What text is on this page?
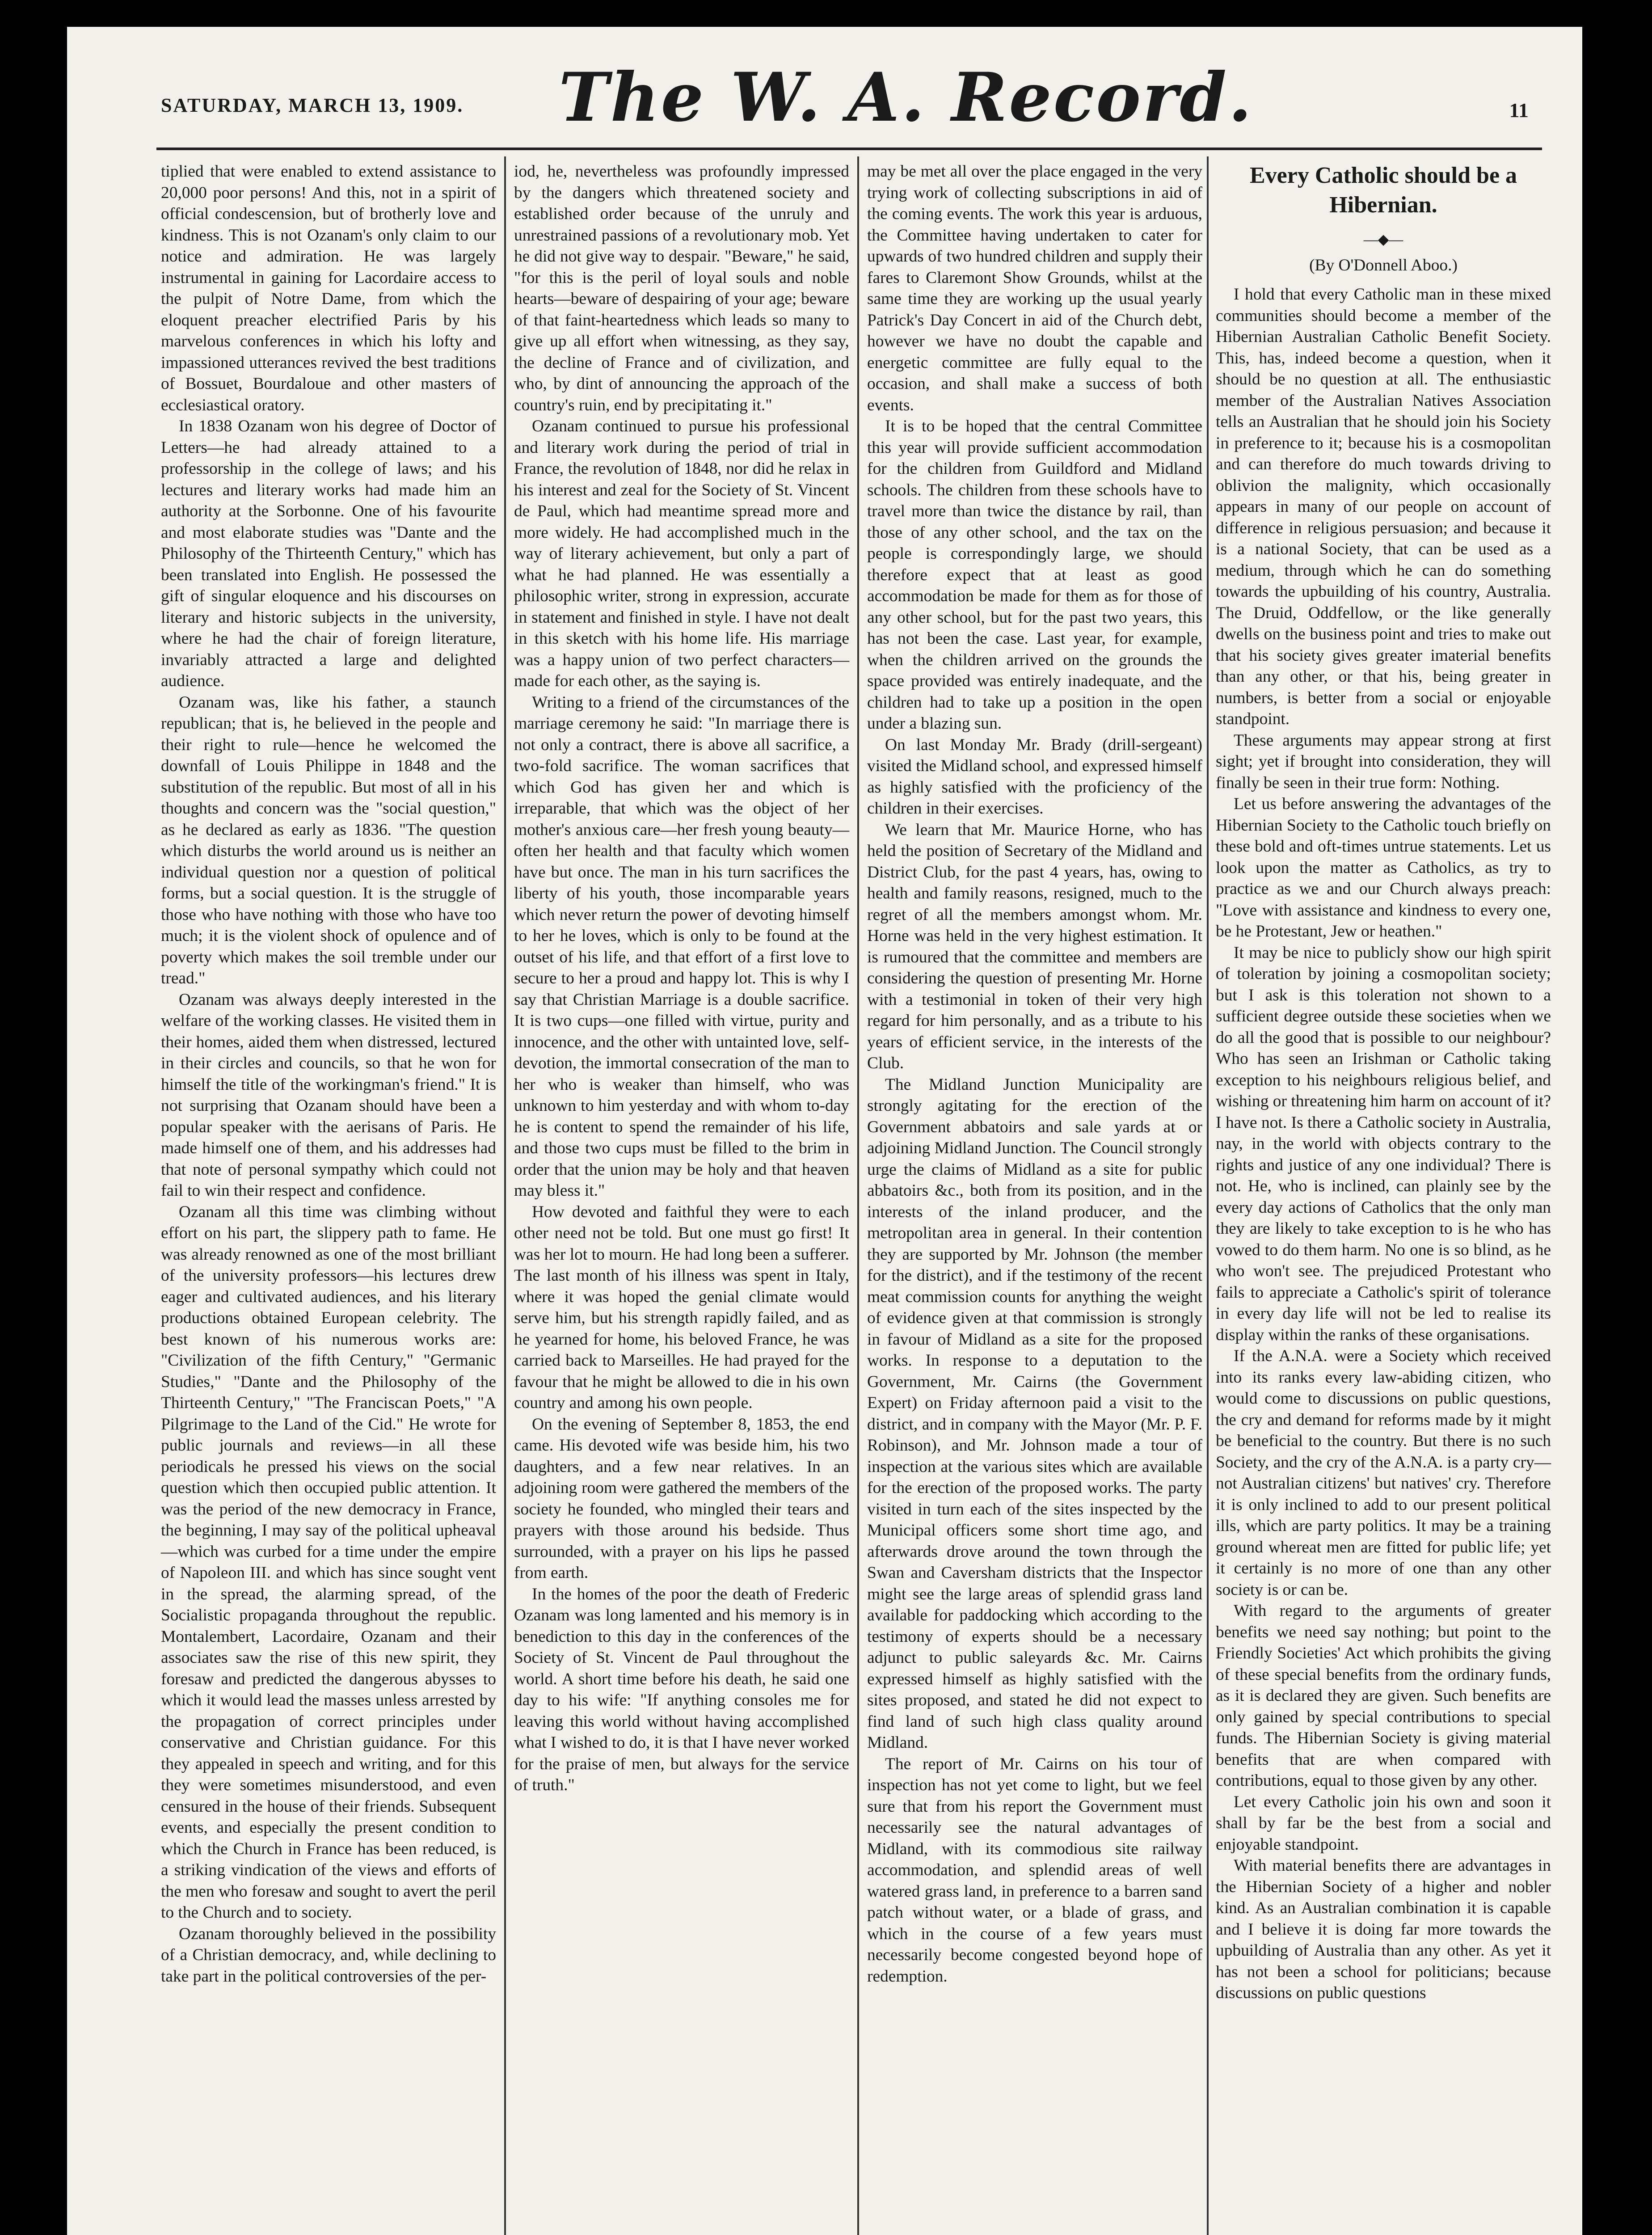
SATURDAY, MARCH 13, 1909. The W. A. Record.	11

tiplied that were enabled to extend assistance to 20,000 poor persons! And this, not in a spirit of official condescension, but of brotherly love and kindness. This is not Ozanam's only claim to our notice and admiration. He was largely instrumental in gaining for Lacordaire access to the pulpit of Notre Dame, from which the eloquent preacher electrified Paris by his marvelous conferences in which his lofty and impassioned utterances revived the best traditions of Bossuet, Bourdaloue and other masters of ecclesiastical oratory.

In 1838 Ozanam won his degree of Doctor of Letters—he had already attained to a professorship in the college of laws; and his lectures and literary works had made him an authority at the Sorbonne. One of his favourite and most elaborate studies was "Dante and the Philosophy of the Thirteenth Century," which has been translated into English. He possessed the gift of singular eloquence and his discourses on literary and historic subjects in the university, where he had the chair of foreign literature, invariably attracted a large and delighted audience.

Ozanam was, like his father, a staunch republican; that is, he believed in the people and their right to rule—hence he welcomed the downfall of Louis Philippe in 1848 and the substitution of the republic. But most of all in his thoughts and concern was the "social question," as he declared as early as 1836. "The question which disturbs the world around us is neither an individual question nor a question of political forms, but a social question. It is the struggle of those who have nothing with those who have too much; it is the violent shock of opulence and of poverty which makes the soil tremble under our tread."

Ozanam was always deeply interested in the welfare of the working classes. He visited them in their homes, aided them when distressed, lectured in their circles and councils, so that he won for himself the title of the workingman's friend." It is not surprising that Ozanam should have been a popular speaker with the aerisans of Paris. He made himself one of them, and his addresses had that note of personal sympathy which could not fail to win their respect and confidence.

Ozanam all this time was climbing without effort on his part, the slippery path to fame. He was already renowned as one of the most brilliant of the university professors—his lectures drew eager and cultivated audiences, and his literary productions obtained European celebrity. The best known of his numerous works are: "Civilization of the fifth Century," "Germanic Studies," "Dante and the Philosophy of the Thirteenth Century," "The Franciscan Poets," "A Pilgrimage to the Land of the Cid." He wrote for public journals and reviews—in all these periodicals he pressed his views on the social question which then occupied public attention. It was the period of the new democracy in France, the beginning, I may say of the political upheaval—which was curbed for a time under the empire of Napoleon III. and which has since sought vent in the spread, the alarming spread, of the Socialistic propaganda throughout the republic. Montalembert, Lacordaire, Ozanam and their associates saw the rise of this new spirit, they foresaw and predicted the dangerous abysses to which it would lead the masses unless arrested by the propagation of correct principles under conservative and Christian guidance. For this they appealed in speech and writing, and for this they were sometimes misunderstood, and even censured in the house of their friends. Subsequent events, and especially the present condition to which the Church in France has been reduced, is a striking vindication of the views and efforts of the men who foresaw and sought to avert the peril to the Church and to society.

Ozanam thoroughly believed in the possibility of a Christian democracy, and, while declining to take part in the political controversies of the per-

iod, he, nevertheless was profoundly impressed by the dangers which threatened society and established order because of the unruly and unrestrained passions of a revolutionary mob. Yet he did not give way to despair. "Beware," he said, "for this is the peril of loyal souls and noble hearts—beware of despairing of your age; beware of that faint-heartedness which leads so many to give up all effort when witnessing, as they say, the decline of France and of civilization, and who, by dint of announcing the approach of the country's ruin, end by precipitating it."

Ozanam continued to pursue his professional and literary work during the period of trial in France, the revolution of 1848, nor did he relax in his interest and zeal for the Society of St. Vincent de Paul, which had meantime spread more and more widely. He had accomplished much in the way of literary achievement, but only a part of what he had planned. He was essentially a philosophic writer, strong in expression, accurate in statement and finished in style. I have not dealt in this sketch with his home life. His marriage was a happy union of two perfect characters—made for each other, as the saying is.

Writing to a friend of the circumstances of the marriage ceremony he said: "In marriage there is not only a contract, there is above all sacrifice, a two-fold sacrifice. The woman sacrifices that which God has given her and which is irreparable, that which was the object of her mother's anxious care—her fresh young beauty—often her health and that faculty which women have but once. The man in his turn sacrifices the liberty of his youth, those incomparable years which never return the power of devoting himself to her he loves, which is only to be found at the outset of his life, and that effort of a first love to secure to her a proud and happy lot. This is why I say that Christian Marriage is a double sacrifice. It is two cups—one filled with virtue, purity and innocence, and the other with untainted love, self-devotion, the immortal consecration of the man to her who is weaker than himself, who was unknown to him yesterday and with whom to-day he is content to spend the remainder of his life, and those two cups must be filled to the brim in order that the union may be holy and that heaven may bless it."

How devoted and faithful they were to each other need not be told. But one must go first! It was her lot to mourn. He had long been a sufferer. The last month of his illness was spent in Italy, where it was hoped the genial climate would serve him, but his strength rapidly failed, and as he yearned for home, his beloved France, he was carried back to Marseilles. He had prayed for the favour that he might be allowed to die in his own country and among his own people.

On the evening of September 8, 1853, the end came. His devoted wife was beside him, his two daughters, and a few near relatives. In an adjoining room were gathered the members of the society he founded, who mingled their tears and prayers with those around his bedside. Thus surrounded, with a prayer on his lips he passed from earth.

In the homes of the poor the death of Frederic Ozanam was long lamented and his memory is in benediction to this day in the conferences of the Society of St. Vincent de Paul throughout the world. A short time before his death, he said one day to his wife: "If anything consoles me for leaving this world without having accomplished what I wished to do, it is that I have never worked for the praise of men, but always for the service of truth."

may be met all over the place engaged in the very trying work of collecting subscriptions in aid of the coming events. The work this year is arduous, the Committee having undertaken to cater for upwards of two hundred children and supply their fares to Claremont Show Grounds, whilst at the same time they are working up the usual yearly Patrick's Day Concert in aid of the Church debt, however we have no doubt the capable and energetic committee are fully equal to the occasion, and shall make a success of both events.

It is to be hoped that the central Committee this year will provide sufficient accommodation for the children from Guildford and Midland schools. The children from these schools have to travel more than twice the distance by rail, than those of any other school, and the tax on the people is correspondingly large, we should therefore expect that at least as good accommodation be made for them as for those of any other school, but for the past two years, this has not been the case. Last year, for example, when the children arrived on the grounds the space provided was entirely inadequate, and the children had to take up a position in the open under a blazing sun.

On last Monday Mr. Brady (drill-sergeant) visited the Midland school, and expressed himself as highly satisfied with the proficiency of the children in their exercises.

We learn that Mr. Maurice Horne, who has held the position of Secretary of the Midland and District Club, for the past 4 years, has, owing to health and family reasons, resigned, much to the regret of all the members amongst whom. Mr. Horne was held in the very highest estimation. It is rumoured that the committee and members are considering the question of presenting Mr. Horne with a testimonial in token of their very high regard for him personally, and as a tribute to his years of efficient service, in the interests of the Club.

The Midland Junction Municipality are strongly agitating for the erection of the Government abbatoirs and sale yards at or adjoining Midland Junction. The Council strongly urge the claims of Midland as a site for public abbatoirs &c., both from its position, and in the interests of the inland producer, and the metropolitan area in general. In their contention they are supported by Mr. Johnson (the member for the district), and if the testimony of the recent meat commission counts for anything the weight of evidence given at that commission is strongly in favour of Midland as a site for the proposed works. In response to a deputation to the Government, Mr. Cairns (the Government Expert) on Friday afternoon paid a visit to the district, and in company with the Mayor (Mr. P. F. Robinson), and Mr. Johnson made a tour of inspection at the various sites which are available for the erection of the proposed works. The party visited in turn each of the sites inspected by the Municipal officers some short time ago, and afterwards drove around the town through the Swan and Caversham districts that the Inspector might see the large areas of splendid grass land available for paddocking which according to the testimony of experts should be a necessary adjunct to public saleyards &c. Mr. Cairns expressed himself as highly satisfied with the sites proposed, and stated he did not expect to find land of such high class quality around Midland.

The report of Mr. Cairns on his tour of inspection has not yet come to light, but we feel sure that from his report the Government must necessarily see the natural advantages of Midland, with its commodious site railway accommodation, and splendid areas of well watered grass land, in preference to a barren sand patch without water, or a blade of grass, and which in the course of a few years must necessarily become congested beyond hope of redemption.

Every Catholic should be a Hibernian.
—◆—
(By O'Donnell Aboo.)

I hold that every Catholic man in these mixed communities should become a member of the Hibernian Australian Catholic Benefit Society. This, has, indeed become a question, when it should be no question at all. The enthusiastic member of the Australian Natives Association tells an Australian that he should join his Society in preference to it; because his is a cosmopolitan and can therefore do much towards driving to oblivion the malignity, which occasionally appears in many of our people on account of difference in religious persuasion; and because it is a national Society, that can be used as a medium, through which he can do something towards the upbuilding of his country, Australia. The Druid, Oddfellow, or the like generally dwells on the business point and tries to make out that his society gives greater imaterial benefits than any other, or that his, being greater in numbers, is better from a social or enjoyable standpoint.

These arguments may appear strong at first sight; yet if brought into consideration, they will finally be seen in their true form: Nothing.

Let us before answering the advantages of the Hibernian Society to the Catholic touch briefly on these bold and oft-times untrue statements. Let us look upon the matter as Catholics, as try to practice as we and our Church always preach: "Love with assistance and kindness to every one, be he Protestant, Jew or heathen."

It may be nice to publicly show our high spirit of toleration by joining a cosmopolitan society; but I ask is this toleration not shown to a sufficient degree outside these societies when we do all the good that is possible to our neighbour? Who has seen an Irishman or Catholic taking exception to his neighbours religious belief, and wishing or threatening him harm on account of it? I have not. Is there a Catholic society in Australia, nay, in the world with objects contrary to the rights and justice of any one individual? There is not. He, who is inclined, can plainly see by the every day actions of Catholics that the only man they are likely to take exception to is he who has vowed to do them harm. No one is so blind, as he who won't see. The prejudiced Protestant who fails to appreciate a Catholic's spirit of tolerance in every day life will not be led to realise its display within the ranks of these organisations.

If the A.N.A. were a Society which received into its ranks every law-abiding citizen, who would come to discussions on public questions, the cry and demand for reforms made by it might be beneficial to the country. But there is no such Society, and the cry of the A.N.A. is a party cry—not Australian citizens' but natives' cry. Therefore it is only inclined to add to our present political ills, which are party politics. It may be a training ground whereat men are fitted for public life; yet it certainly is no more of one than any other society is or can be.

With regard to the arguments of greater benefits we need say nothing; but point to the Friendly Societies' Act which prohibits the giving of these special benefits from the ordinary funds, as it is declared they are given. Such benefits are only gained by special contributions to special funds. The Hibernian Society is giving material benefits that are when compared with contributions, equal to those given by any other.

Let every Catholic join his own and soon it shall by far be the best from a social and enjoyable standpoint.

With material benefits there are advantages in the Hibernian Society of a higher and nobler kind. As an Australian combination it is capable and I believe it is doing far more towards the upbuilding of Australia than any other. As yet it has not been a school for politicians; because discussions on public questions
